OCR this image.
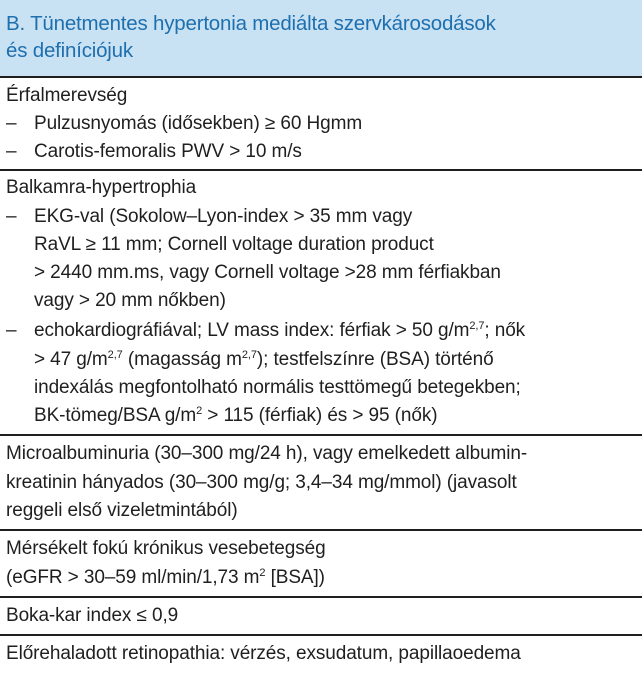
B. Tünetmentes hypertonia mediálta szervkárosodások
és definíciójuk
Érfalmerevség
– Pulzusnyomás (idősekben) ≥ 60 Hgmm
– Carotis-femoralis PWV > 10 m/s
Balkamra-hypertrophia
– EKG-val (Sokolow–Lyon-index > 35 mm vagy
RaVL ≥ 11 mm; Cornell voltage duration product
> 2440 mm.ms, vagy Cornell voltage >28 mm férfiakban
vagy > 20 mm nőkben)
– echokardiográfiával; LV mass index: férfiak > 50 $g/m^{2,7}$; nők
> 47 $g/m^{2,7}$ (magasság $m^{2,7}$); testfelszínre (BSA) történő
indexálás megfontolható normális testtömegű betegekben;
BK-tömeg/BSA $g/m^2 > 115$ (férfiak) és > 95 (nők)
Microalbuminuria (30–300 mg/24 h), vagy emelkedett albumin-
kreatinin hányados (30–300 mg/g; 3,4–34 mg/mmol) (javasolt
reggeli első vizeletmintából)
Mérsékelt fokú krónikus vesebetegség
(eGFR > 30–59 ml/min/1,73 $m^2$ [BSA])
Boka-kar index ≤ 0,9
Előrehaladott retinopathia: vérzés, exsudatum, papillaoedema
